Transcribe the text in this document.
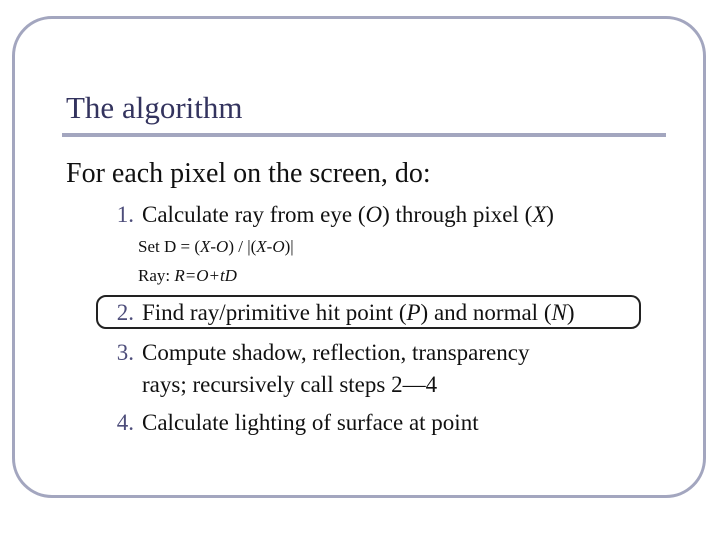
The algorithm
For each pixel on the screen, do:
1. Calculate ray from eye (O) through pixel (X)
Set D = (X-O) / |(X-O)|
Ray: R=O+tD
2. Find ray/primitive hit point (P) and normal (N)
3. Compute shadow, reflection, transparency
rays; recursively call steps 2—4
4. Calculate lighting of surface at point
